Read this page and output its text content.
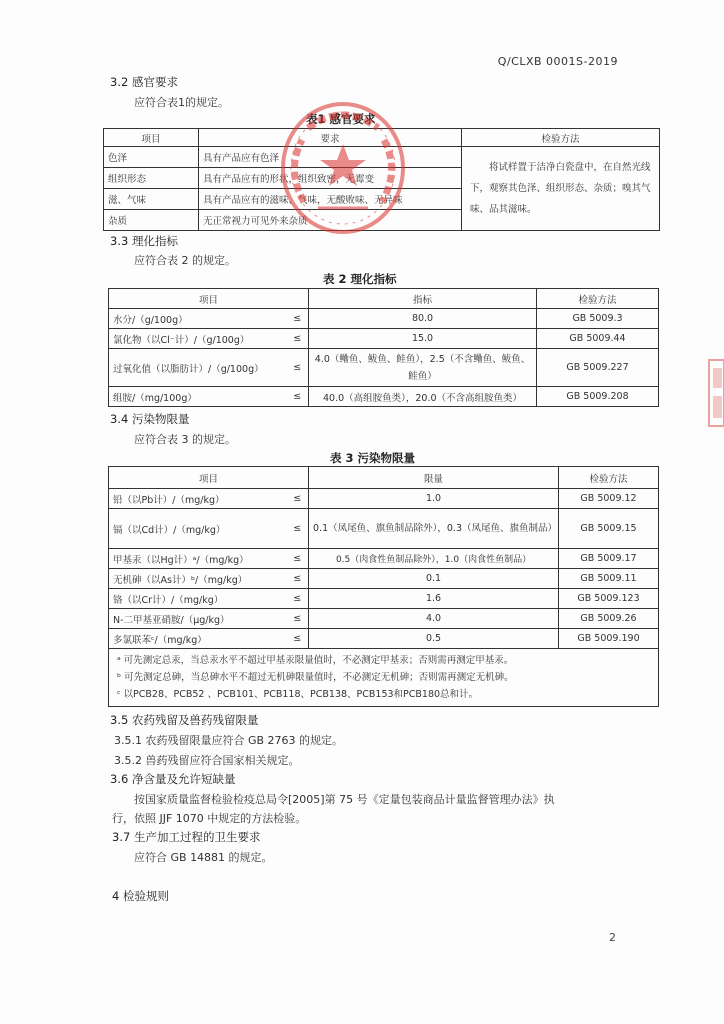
Q/CLXB 0001S-2019
3.2 感官要求
应符合表1的规定。
表1 感官要求
项目	要求	检验方法
色泽	具有产品应有色泽	将试样置于洁净白瓷盘中，在自然光线下，观察其色泽、组织形态、杂质；嗅其气味、品其滋味。
组织形态	具有产品应有的形状，组织致密，无霉变	
滋、气味	具有产品应有的滋味、气味，无酸败味、无异味	
杂质	无正常视力可见外来杂质	
3.3 理化指标
应符合表 2 的规定。
表 2 理化指标
项目		指标	检验方法
水分/（g/100g）	≤	80.0	GB 5009.3
氯化物（以Cl⁻计）/（g/100g）	≤	15.0	GB 5009.44
过氧化值（以脂肪计）/（g/100g）	≤	4.0（鳓鱼、鲅鱼、鲑鱼），2.5（不含鳓鱼、鲅鱼、鲑鱼）	GB 5009.227
组胺/（mg/100g）	≤	40.0（高组胺鱼类），20.0（不含高组胺鱼类）	GB 5009.208
3.4 污染物限量
应符合表 3 的规定。
表 3 污染物限量
项目		限量	检验方法
铅（以Pb计）/（mg/kg）	≤	1.0	GB 5009.12
镉（以Cd计）/（mg/kg）	≤	0.1（凤尾鱼、旗鱼制品除外），0.3（凤尾鱼、旗鱼制品）	GB 5009.15
甲基汞（以Hg计）ᵃ/（mg/kg）	≤	0.5（肉食性鱼制品除外），1.0（肉食性鱼制品）	GB 5009.17
无机砷（以As计）ᵇ/（mg/kg）	≤	0.1	GB 5009.11
铬（以Cr计）/（mg/kg）	≤	1.6	GB 5009.123
N-二甲基亚硝胺/（μg/kg）	≤	4.0	GB 5009.26
多氯联苯ᶜ/（mg/kg）	≤	0.5	GB 5009.190

ᵃ 可先测定总汞，当总汞水平不超过甲基汞限量值时，不必测定甲基汞；否则需再测定甲基汞。
ᵇ 可先测定总砷，当总砷水平不超过无机砷限量值时，不必测定无机砷；否则需再测定无机砷。
ᶜ 以PCB28、PCB52 、PCB101、PCB118、PCB138、PCB153和PCB180总和计。			
3.5 农药残留及兽药残留限量
3.5.1 农药残留限量应符合 GB 2763 的规定。
3.5.2 兽药残留应符合国家相关规定。
3.6 净含量及允许短缺量
按国家质量监督检验检疫总局令[2005]第 75 号《定量包装商品计量监督管理办法》执
行，依照 JJF 1070 中规定的方法检验。
3.7 生产加工过程的卫生要求
应符合 GB 14881 的规定。
4 检验规则
2
